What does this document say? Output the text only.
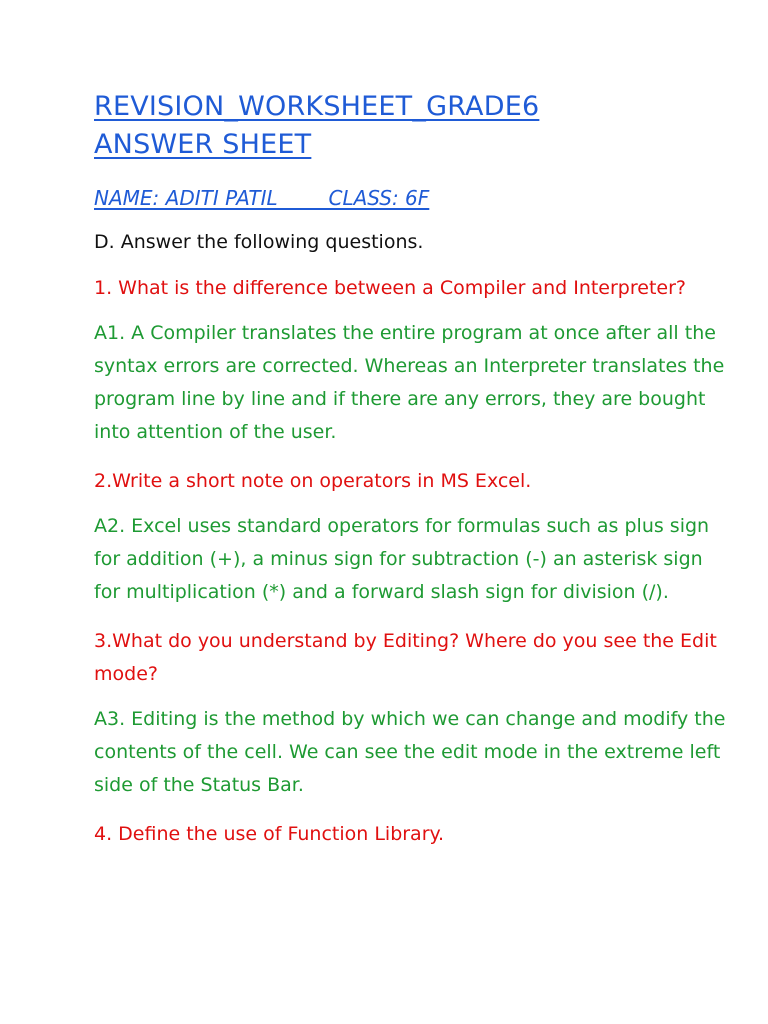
REVISION_WORKSHEET_GRADE6
ANSWER SHEET
NAME: ADITI PATIL        CLASS: 6F
D. Answer the following questions.
1. What is the difference between a Compiler and Interpreter?
A1. A Compiler translates the entire program at once after all the syntax errors are corrected. Whereas an Interpreter translates the program line by line and if there are any errors, they are bought into attention of the user.
2.Write a short note on operators in MS Excel.
A2. Excel uses standard operators for formulas such as plus sign for addition (+), a minus sign for subtraction (-) an asterisk sign for multiplication (*) and a forward slash sign for division (/).
3.What do you understand by Editing? Where do you see the Edit mode?
A3. Editing is the method by which we can change and modify the contents of the cell. We can see the edit mode in the extreme left side of the Status Bar.
4. Define the use of Function Library.
